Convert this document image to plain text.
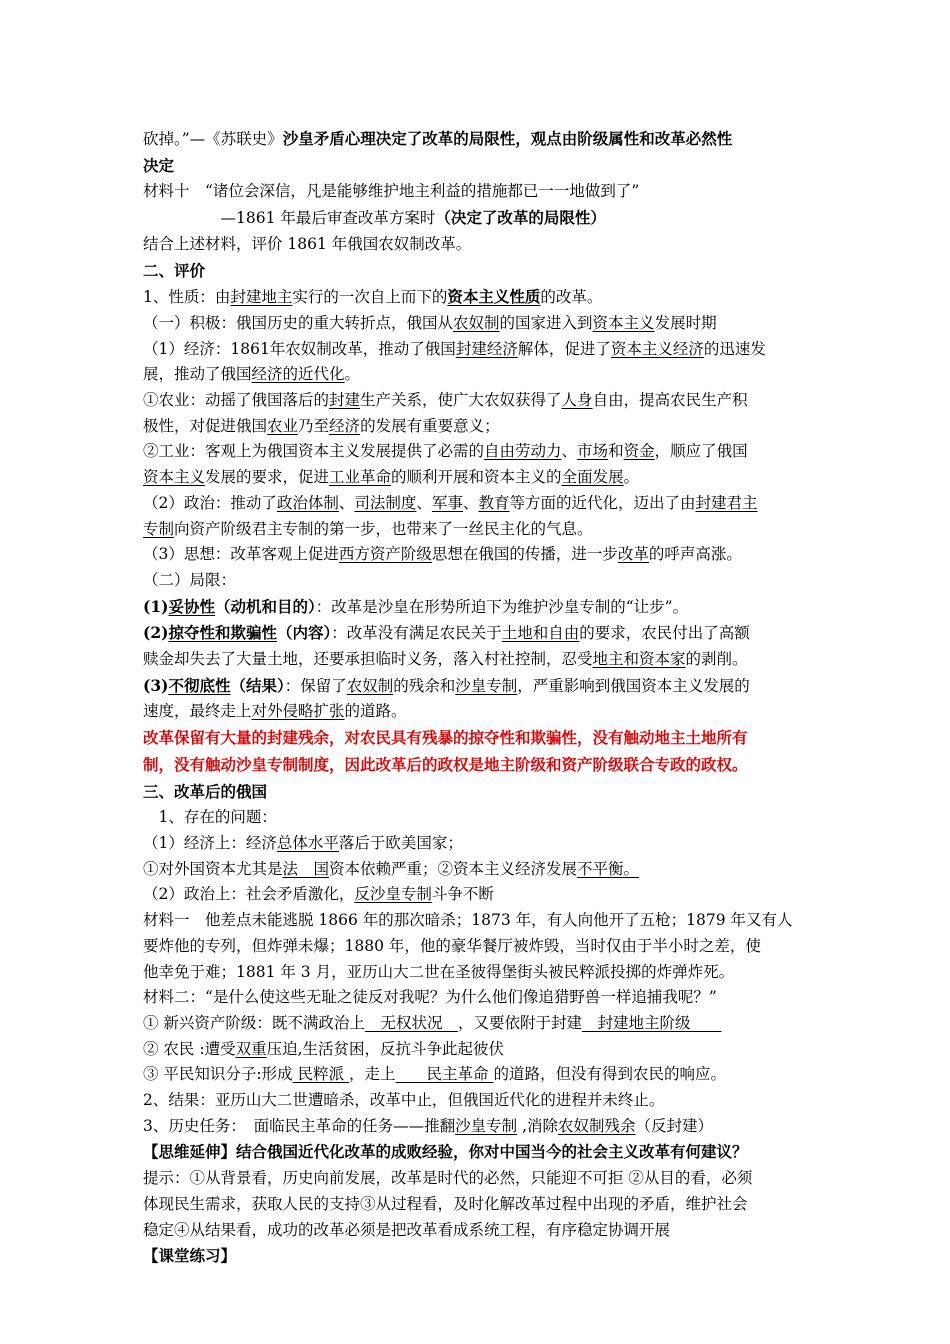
砍掉。”—《苏联史》沙皇矛盾心理决定了改革的局限性，观点由阶级属性和改革必然性
决定
材料十　“诸位会深信，凡是能够维护地主利益的措施都已一一地做到了”
　　　　　—1861 年最后审查改革方案时（决定了改革的局限性）
结合上述材料，评价 1861 年俄国农奴制改革。
二、评价
1、性质：由封建地主实行的一次自上而下的资本主义性质的改革。
（一）积极：俄国历史的重大转折点，俄国从农奴制的国家进入到资本主义发展时期
（1）经济：1861年农奴制改革，推动了俄国封建经济解体，促进了资本主义经济的迅速发
展，推动了俄国经济的近代化。
①农业：动摇了俄国落后的封建生产关系，使广大农奴获得了人身自由，提高农民生产积
极性，对促进俄国农业乃至经济的发展有重要意义；
②工业：客观上为俄国资本主义发展提供了必需的自由劳动力、市场和资金，顺应了俄国
资本主义发展的要求，促进工业革命的顺利开展和资本主义的全面发展。
（2）政治：推动了政治体制、司法制度、军事、教育等方面的近代化，迈出了由封建君主
专制向资产阶级君主专制的第一步，也带来了一丝民主化的气息。
（3）思想：改革客观上促进西方资产阶级思想在俄国的传播，进一步改革的呼声高涨。
（二）局限：
(1)妥协性（动机和目的）：改革是沙皇在形势所迫下为维护沙皇专制的“让步”。
(2)掠夺性和欺骗性（内容）：改革没有满足农民关于土地和自由的要求，农民付出了高额
赎金却失去了大量土地，还要承担临时义务，落入村社控制，忍受地主和资本家的剥削。
(3)不彻底性（结果）：保留了农奴制的残余和沙皇专制，严重影响到俄国资本主义发展的
速度，最终走上对外侵略扩张的道路。
改革保留有大量的封建残余，对农民具有残暴的掠夺性和欺骗性，没有触动地主土地所有
制，没有触动沙皇专制制度，因此改革后的政权是地主阶级和资产阶级联合专政的政权。
三、改革后的俄国
　1、存在的问题：
（1）经济上：经济总体水平落后于欧美国家；
①对外国资本尤其是法　国资本依赖严重；②资本主义经济发展不平衡。
（2）政治上：社会矛盾激化，反沙皇专制斗争不断
材料一　他差点未能逃脱 1866 年的那次暗杀；1873 年，有人向他开了五枪；1879 年又有人
要炸他的专列，但炸弹未爆；1880 年，他的豪华餐厅被炸毁，当时仅由于半小时之差，使
他幸免于难；1881 年 3 月，亚历山大二世在圣彼得堡街头被民粹派投掷的炸弹炸死。
材料二：“是什么使这些无耻之徒反对我呢？为什么他们像追猎野兽一样追捕我呢？”
① 新兴资产阶级：既不满政治上　无权状况　，又要依附于封建　封建地主阶级　　
② 农民 :遭受双重压迫,生活贫困，反抗斗争此起彼伏
③ 平民知识分子:形成 民粹派 ，走上　　民主革命 的道路，但没有得到农民的响应。
2、结果：亚历山大二世遭暗杀，改革中止，但俄国近代化的进程并未终止。
3、历史任务：　面临民主革命的任务——推翻沙皇专制 ,消除农奴制残余（反封建）
【思维延伸】结合俄国近代化改革的成败经验，你对中国当今的社会主义改革有何建议？
提示：①从背景看，历史向前发展，改革是时代的必然，只能迎不可拒 ②从目的看，必须
体现民生需求，获取人民的支持③从过程看，及时化解改革过程中出现的矛盾，维护社会
稳定④从结果看，成功的改革必须是把改革看成系统工程，有序稳定协调开展
【课堂练习】
